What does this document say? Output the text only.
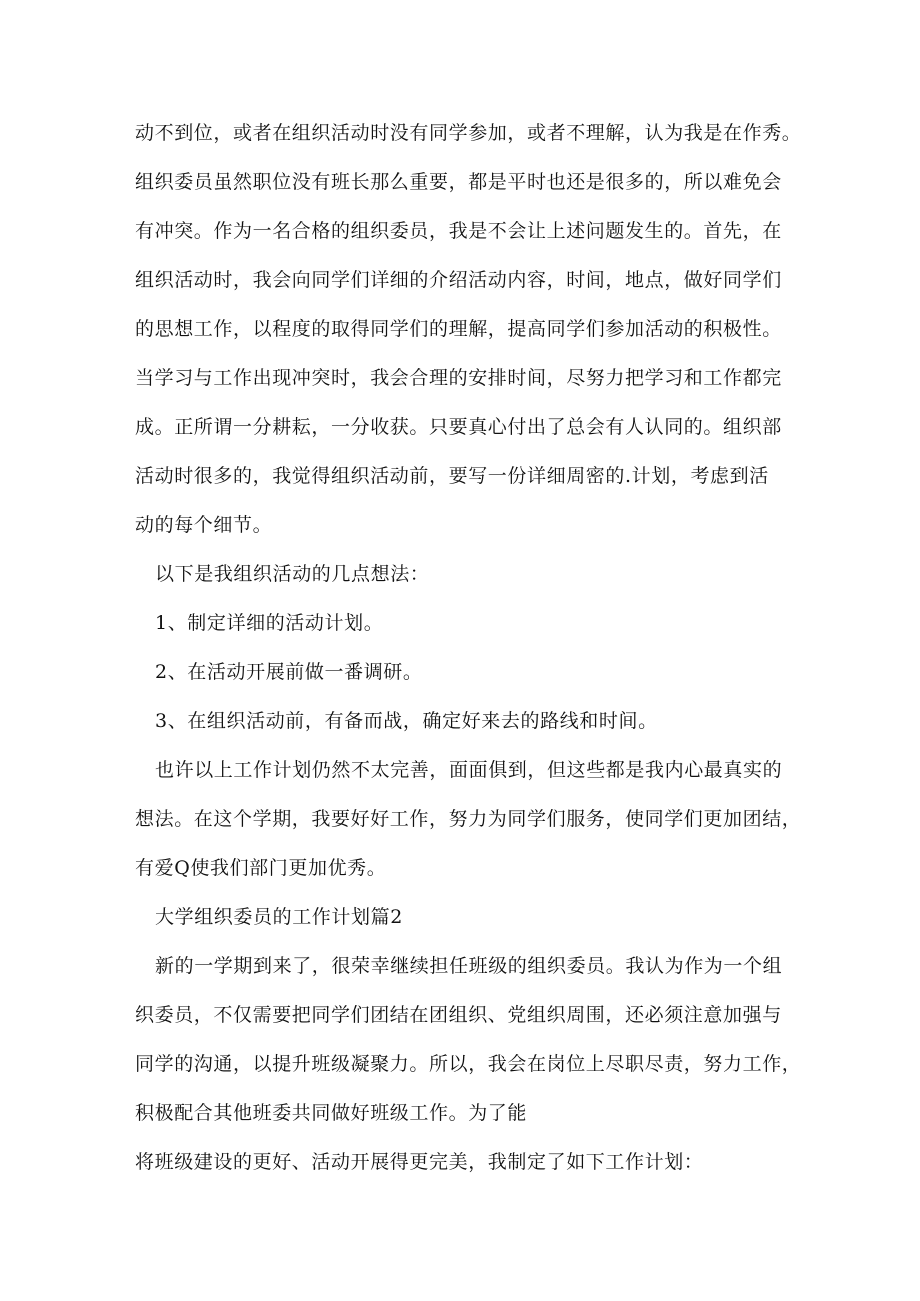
动不到位，或者在组织活动时没有同学参加，或者不理解，认为我是在作秀。
组织委员虽然职位没有班长那么重要，都是平时也还是很多的，所以难免会
有冲突。作为一名合格的组织委员，我是不会让上述问题发生的。首先，在
组织活动时，我会向同学们详细的介绍活动内容，时间，地点，做好同学们
的思想工作，以程度的取得同学们的理解，提高同学们参加活动的积极性。
当学习与工作出现冲突时，我会合理的安排时间，尽努力把学习和工作都完
成。正所谓一分耕耘，一分收获。只要真心付出了总会有人认同的。组织部
活动时很多的，我觉得组织活动前，要写一份详细周密的.计划，考虑到活
动的每个细节。
以下是我组织活动的几点想法：
1、制定详细的活动计划。
2、在活动开展前做一番调研。
3、在组织活动前，有备而战，确定好来去的路线和时间。
也许以上工作计划仍然不太完善，面面俱到，但这些都是我内心最真实的
想法。在这个学期，我要好好工作，努力为同学们服务，使同学们更加团结，
有爱Q使我们部门更加优秀。
大学组织委员的工作计划篇2
新的一学期到来了，很荣幸继续担任班级的组织委员。我认为作为一个组
织委员，不仅需要把同学们团结在团组织、党组织周围，还必须注意加强与
同学的沟通，以提升班级凝聚力。所以，我会在岗位上尽职尽责，努力工作，
积极配合其他班委共同做好班级工作。为了能
将班级建设的更好、活动开展得更完美，我制定了如下工作计划：
